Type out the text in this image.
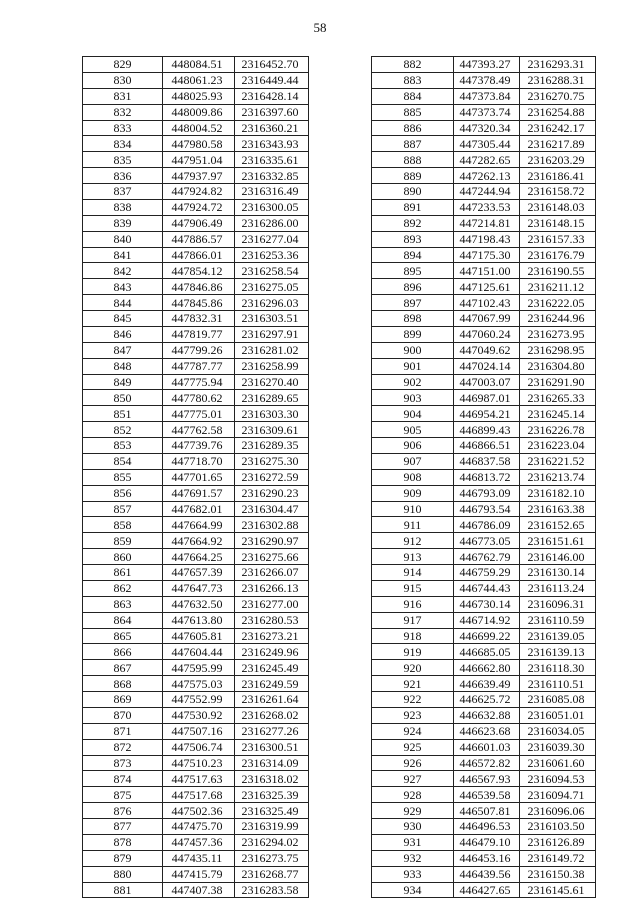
58
829	448084.51	2316452.70
830	448061.23	2316449.44
831	448025.93	2316428.14
832	448009.86	2316397.60
833	448004.52	2316360.21
834	447980.58	2316343.93
835	447951.04	2316335.61
836	447937.97	2316332.85
837	447924.82	2316316.49
838	447924.72	2316300.05
839	447906.49	2316286.00
840	447886.57	2316277.04
841	447866.01	2316253.36
842	447854.12	2316258.54
843	447846.86	2316275.05
844	447845.86	2316296.03
845	447832.31	2316303.51
846	447819.77	2316297.91
847	447799.26	2316281.02
848	447787.77	2316258.99
849	447775.94	2316270.40
850	447780.62	2316289.65
851	447775.01	2316303.30
852	447762.58	2316309.61
853	447739.76	2316289.35
854	447718.70	2316275.30
855	447701.65	2316272.59
856	447691.57	2316290.23
857	447682.01	2316304.47
858	447664.99	2316302.88
859	447664.92	2316290.97
860	447664.25	2316275.66
861	447657.39	2316266.07
862	447647.73	2316266.13
863	447632.50	2316277.00
864	447613.80	2316280.53
865	447605.81	2316273.21
866	447604.44	2316249.96
867	447595.99	2316245.49
868	447575.03	2316249.59
869	447552.99	2316261.64
870	447530.92	2316268.02
871	447507.16	2316277.26
872	447506.74	2316300.51
873	447510.23	2316314.09
874	447517.63	2316318.02
875	447517.68	2316325.39
876	447502.36	2316325.49
877	447475.70	2316319.99
878	447457.36	2316294.02
879	447435.11	2316273.75
880	447415.79	2316268.77
881	447407.38	2316283.58
882	447393.27	2316293.31
883	447378.49	2316288.31
884	447373.84	2316270.75
885	447373.74	2316254.88
886	447320.34	2316242.17
887	447305.44	2316217.89
888	447282.65	2316203.29
889	447262.13	2316186.41
890	447244.94	2316158.72
891	447233.53	2316148.03
892	447214.81	2316148.15
893	447198.43	2316157.33
894	447175.30	2316176.79
895	447151.00	2316190.55
896	447125.61	2316211.12
897	447102.43	2316222.05
898	447067.99	2316244.96
899	447060.24	2316273.95
900	447049.62	2316298.95
901	447024.14	2316304.80
902	447003.07	2316291.90
903	446987.01	2316265.33
904	446954.21	2316245.14
905	446899.43	2316226.78
906	446866.51	2316223.04
907	446837.58	2316221.52
908	446813.72	2316213.74
909	446793.09	2316182.10
910	446793.54	2316163.38
911	446786.09	2316152.65
912	446773.05	2316151.61
913	446762.79	2316146.00
914	446759.29	2316130.14
915	446744.43	2316113.24
916	446730.14	2316096.31
917	446714.92	2316110.59
918	446699.22	2316139.05
919	446685.05	2316139.13
920	446662.80	2316118.30
921	446639.49	2316110.51
922	446625.72	2316085.08
923	446632.88	2316051.01
924	446623.68	2316034.05
925	446601.03	2316039.30
926	446572.82	2316061.60
927	446567.93	2316094.53
928	446539.58	2316094.71
929	446507.81	2316096.06
930	446496.53	2316103.50
931	446479.10	2316126.89
932	446453.16	2316149.72
933	446439.56	2316150.38
934	446427.65	2316145.61
